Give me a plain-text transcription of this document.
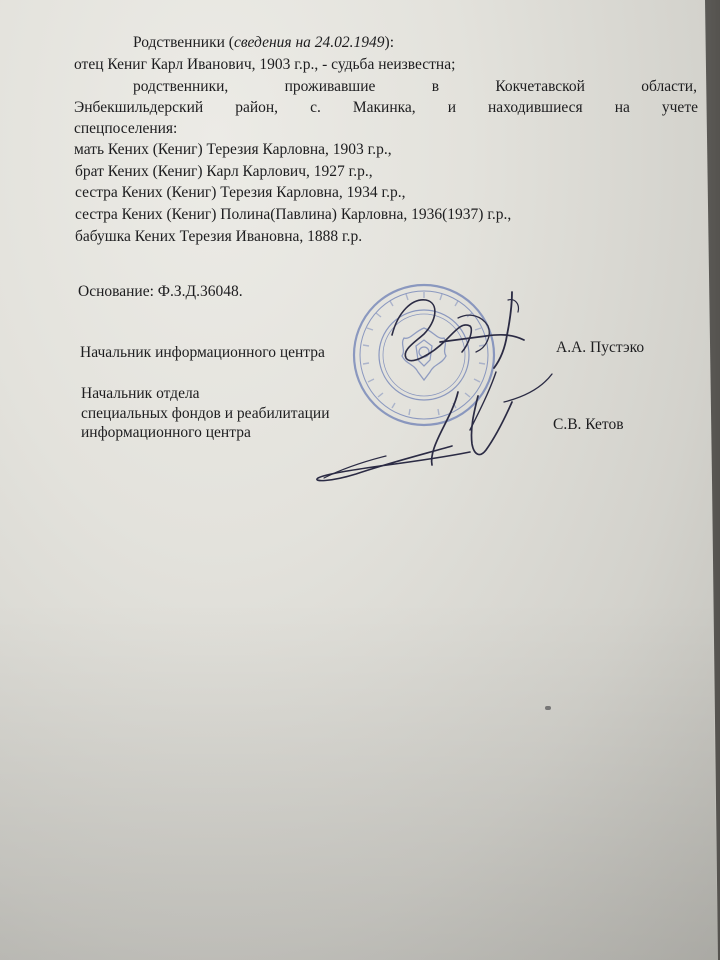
Родственники (сведения на 24.02.1949):

отец Кениг Карл Иванович, 1903 г.р., - судьба неизвестна;

родственники,	проживавшие	в	Кокчетавской	области,
Энбекшильдерский район, с. Макинка, и находившиеся на учете

спецпоселения:

мать Кених (Кениг) Терезия Карловна, 1903 г.р.,

брат Кених (Кениг) Карл Карлович, 1927 г.р.,

сестра Кених (Кениг) Терезия Карловна, 1934 г.р.,

сестра Кених (Кениг) Полина(Павлина) Карловна, 1936(1937) г.р.,

бабушка Кених Терезия Ивановна, 1888 г.р.

Основание: Ф.З.Д.36048.

Начальник информационного центра	А.А. Пустэко

Начальник отдела

специальных фондов и реабилитации

информационного центра	С.В. Кетов
